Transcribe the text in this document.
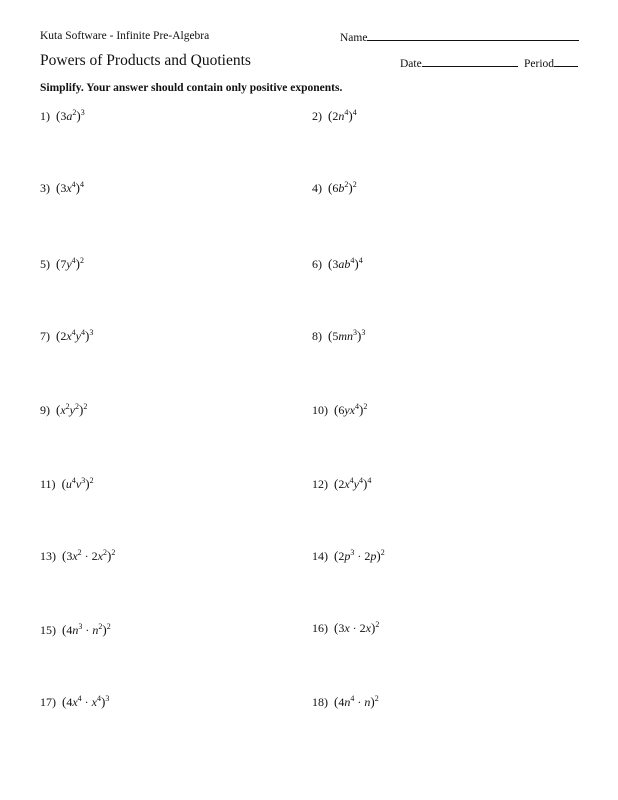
Kuta Software - Infinite Pre-Algebra	Name
Powers of Products and Quotients	Date	Period
Simplify. Your answer should contain only positive exponents.
1) $(3a^2)^3$	2) $(2n^4)^4$
3) $(3x^4)^4$	4) $(6b^2)^2$
5) $(7y^4)^2$	6) $(3ab^4)^4$
7) $(2x^4y^4)^3$	8) $(5mn^3)^3$
9) $(x^2y^2)^2$	10) $(6yx^4)^2$
11) $(u^4v^3)^2$	12) $(2x^4y^4)^4$
13) $(3x^2 \cdot 2x^2)^2$	14) $(2p^3 \cdot 2p)^2$
15) $(4n^3 \cdot n^2)^2$	16) $(3x \cdot 2x)^2$
17) $(4x^4 \cdot x^4)^3$	18) $(4n^4 \cdot n)^2$
